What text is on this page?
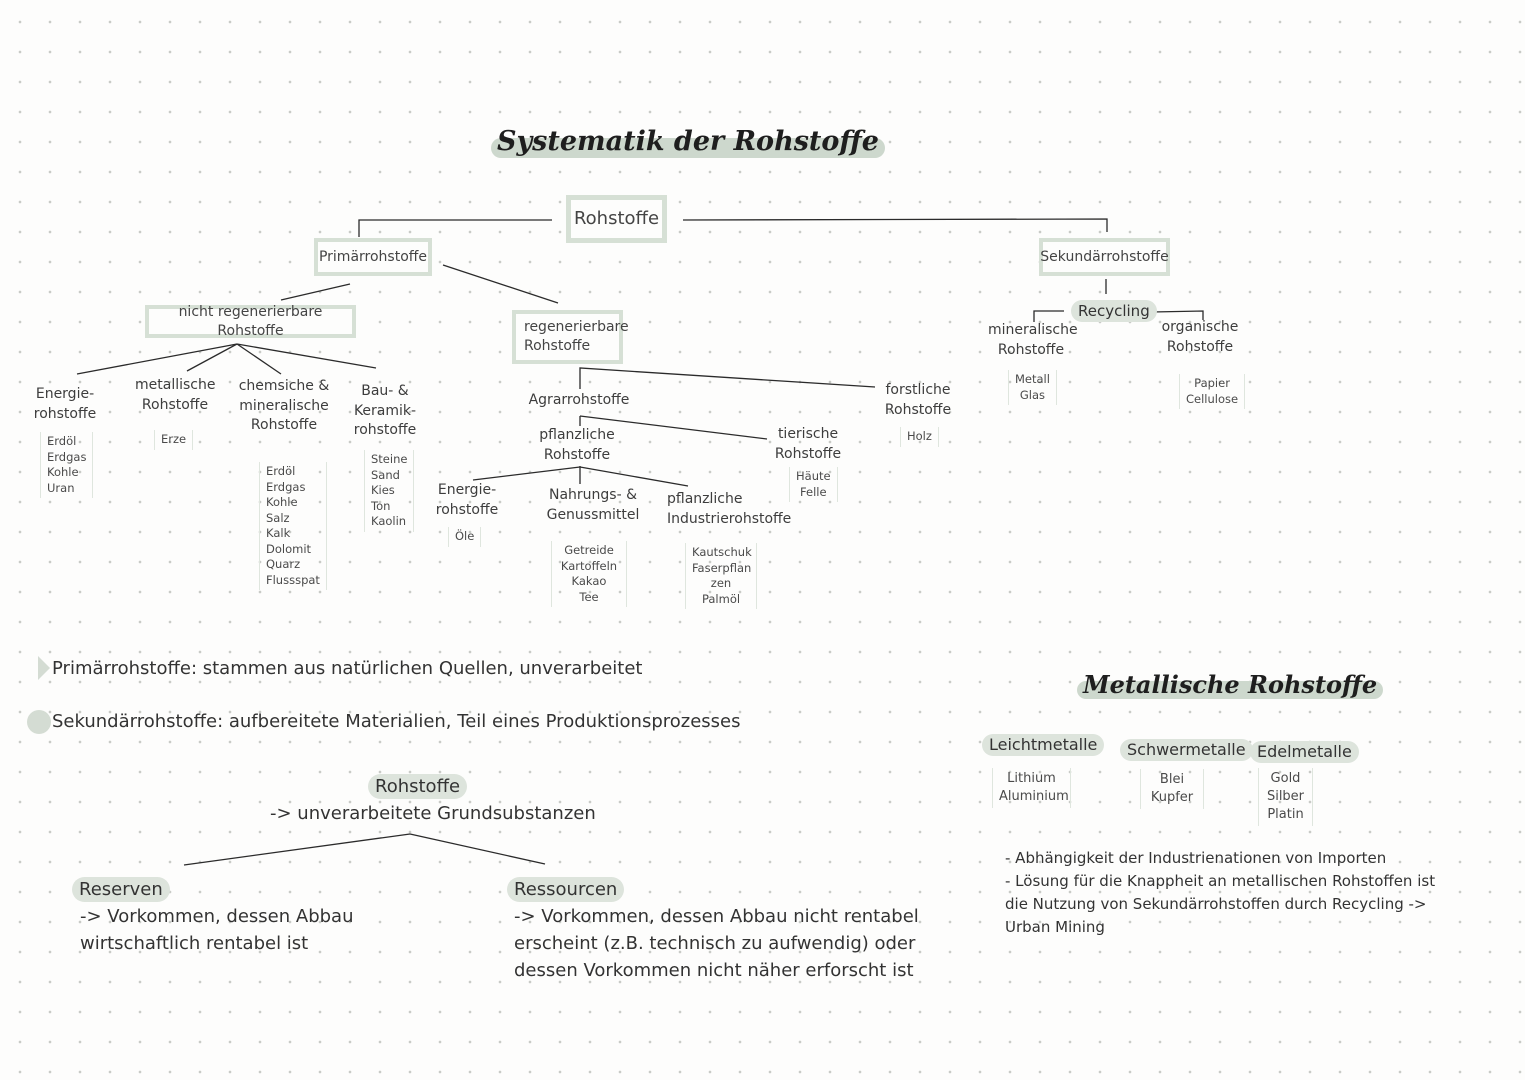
Systematik der Rohstoffe
Rohstoffe
Primärrohstoffe	Sekundärrohstoffe
nicht regenerierbare Rohstoffe	regenerierbare
Rohstoffe
Energie-
rohstoffe
Erdöl
Erdgas
Kohle
Uran
metallische
Rohstoffe
Erze
chemsiche &
mineralische
Rohstoffe
Erdöl
Erdgas
Kohle
Salz
Kalk
Dolomit
Quarz
Flussspat
Bau- &
Keramik-
rohstoffe
Steine
Sand
Kies
Ton
Kaolin
Agrarrohstoffe
forstliche
Rohstoffe
Holz
pflanzliche
Rohstoffe
tierische
Rohstoffe
Häute
Felle
Energie-
rohstoffe
Öle
Nahrungs- &
Genussmittel
Getreide
Kartoffeln
Kakao
Tee
pflanzliche
Industrierohstoffe
Kautschuk
Faserpflan
zen
Palmöl
Recycling
mineralische
Rohstoffe
Metall
Glas
organische
Rohstoffe
Papier
Cellulose
Primärrohstoffe: stammen aus natürlichen Quellen, unverarbeitet
Sekundärrohstoffe: aufbereitete Materialien, Teil eines Produktionsprozesses
Rohstoffe
-> unverarbeitete Grundsubstanzen
Reserven
-> Vorkommen, dessen Abbau
wirtschaftlich rentabel ist
Ressourcen
-> Vorkommen, dessen Abbau nicht rentabel
erscheint (z.B. technisch zu aufwendig) oder
dessen Vorkommen nicht näher erforscht ist
Metallische Rohstoffe
Leichtmetalle
Lithium
Aluminium
Schwermetalle
Blei
Kupfer
Edelmetalle
Gold
Silber
Platin
- Abhängigkeit der Industrienationen von Importen
- Lösung für die Knappheit an metallischen Rohstoffen ist
die Nutzung von Sekundärrohstoffen durch Recycling ->
Urban Mining
